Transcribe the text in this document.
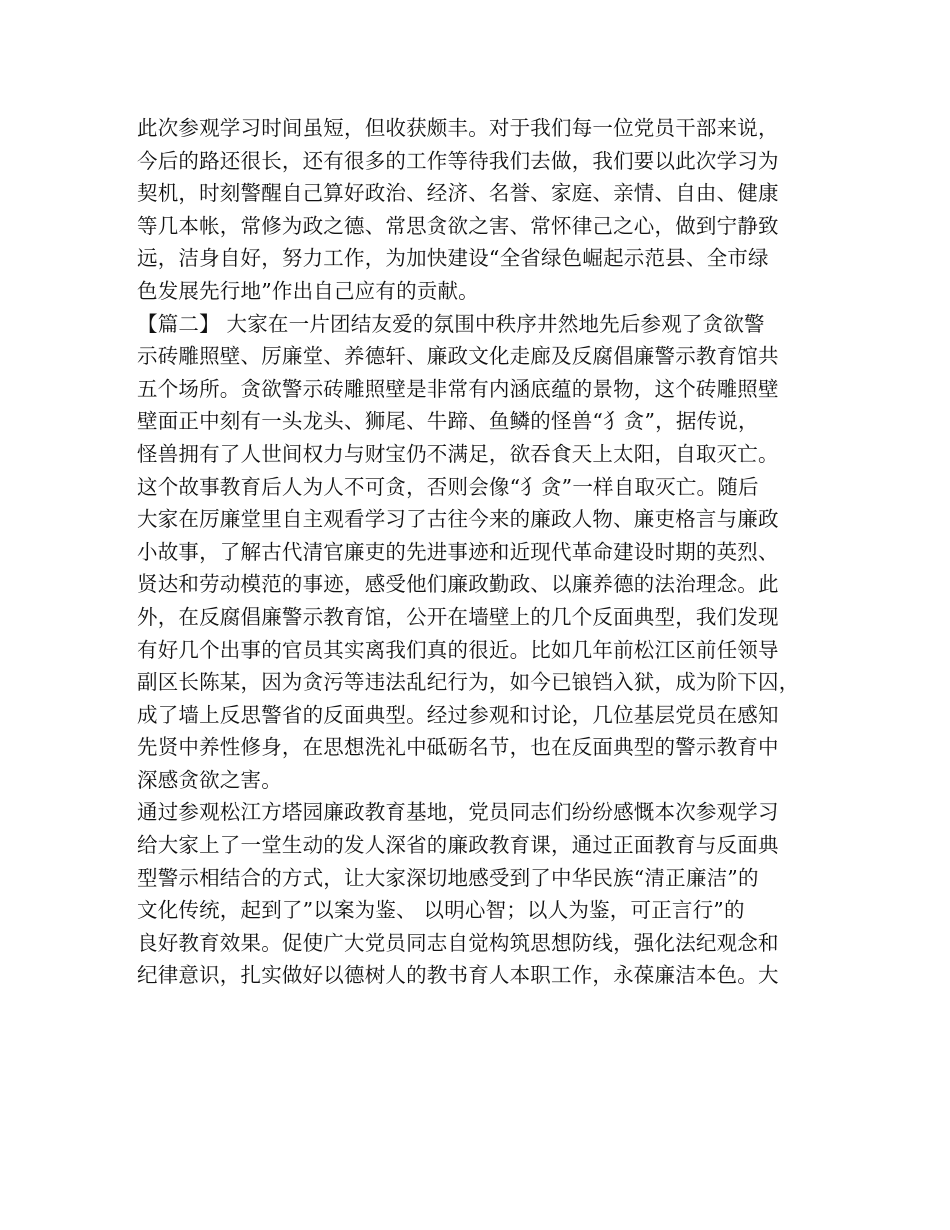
此次参观学习时间虽短，但收获颇丰。对于我们每一位党员干部来说，
今后的路还很长，还有很多的工作等待我们去做，我们要以此次学习为
契机，时刻警醒自己算好政治、经济、名誉、家庭、亲情、自由、健康
等几本帐，常修为政之德、常思贪欲之害、常怀律己之心，做到宁静致
远，洁身自好，努力工作，为加快建设“全省绿色崛起示范县、全市绿
色发展先行地”作出自己应有的贡献。
【篇二】 大家在一片团结友爱的氛围中秩序井然地先后参观了贪欲警
示砖雕照壁、厉廉堂、养德轩、廉政文化走廊及反腐倡廉警示教育馆共
五个场所。贪欲警示砖雕照壁是非常有内涵底蕴的景物，这个砖雕照壁
壁面正中刻有一头龙头、狮尾、牛蹄、鱼鳞的怪兽“犭贪”，据传说，
怪兽拥有了人世间权力与财宝仍不满足，欲吞食天上太阳，自取灭亡。
这个故事教育后人为人不可贪，否则会像“犭贪”一样自取灭亡。随后
大家在厉廉堂里自主观看学习了古往今来的廉政人物、廉吏格言与廉政
小故事，了解古代清官廉吏的先进事迹和近现代革命建设时期的英烈、
贤达和劳动模范的事迹，感受他们廉政勤政、以廉养德的法治理念。此
外，在反腐倡廉警示教育馆，公开在墙壁上的几个反面典型，我们发现
有好几个出事的官员其实离我们真的很近。比如几年前松江区前任领导
副区长陈某，因为贪污等违法乱纪行为，如今已锒铛入狱，成为阶下囚，
成了墙上反思警省的反面典型。经过参观和讨论，几位基层党员在感知
先贤中养性修身，在思想洗礼中砥砺名节，也在反面典型的警示教育中
深感贪欲之害。
通过参观松江方塔园廉政教育基地，党员同志们纷纷感慨本次参观学习
给大家上了一堂生动的发人深省的廉政教育课，通过正面教育与反面典
型警示相结合的方式，让大家深切地感受到了中华民族“清正廉洁”的
文化传统，起到了”以案为鉴、 以明心智；以人为鉴，可正言行”的
良好教育效果。促使广大党员同志自觉构筑思想防线，强化法纪观念和
纪律意识，扎实做好以德树人的教书育人本职工作，永葆廉洁本色。大
